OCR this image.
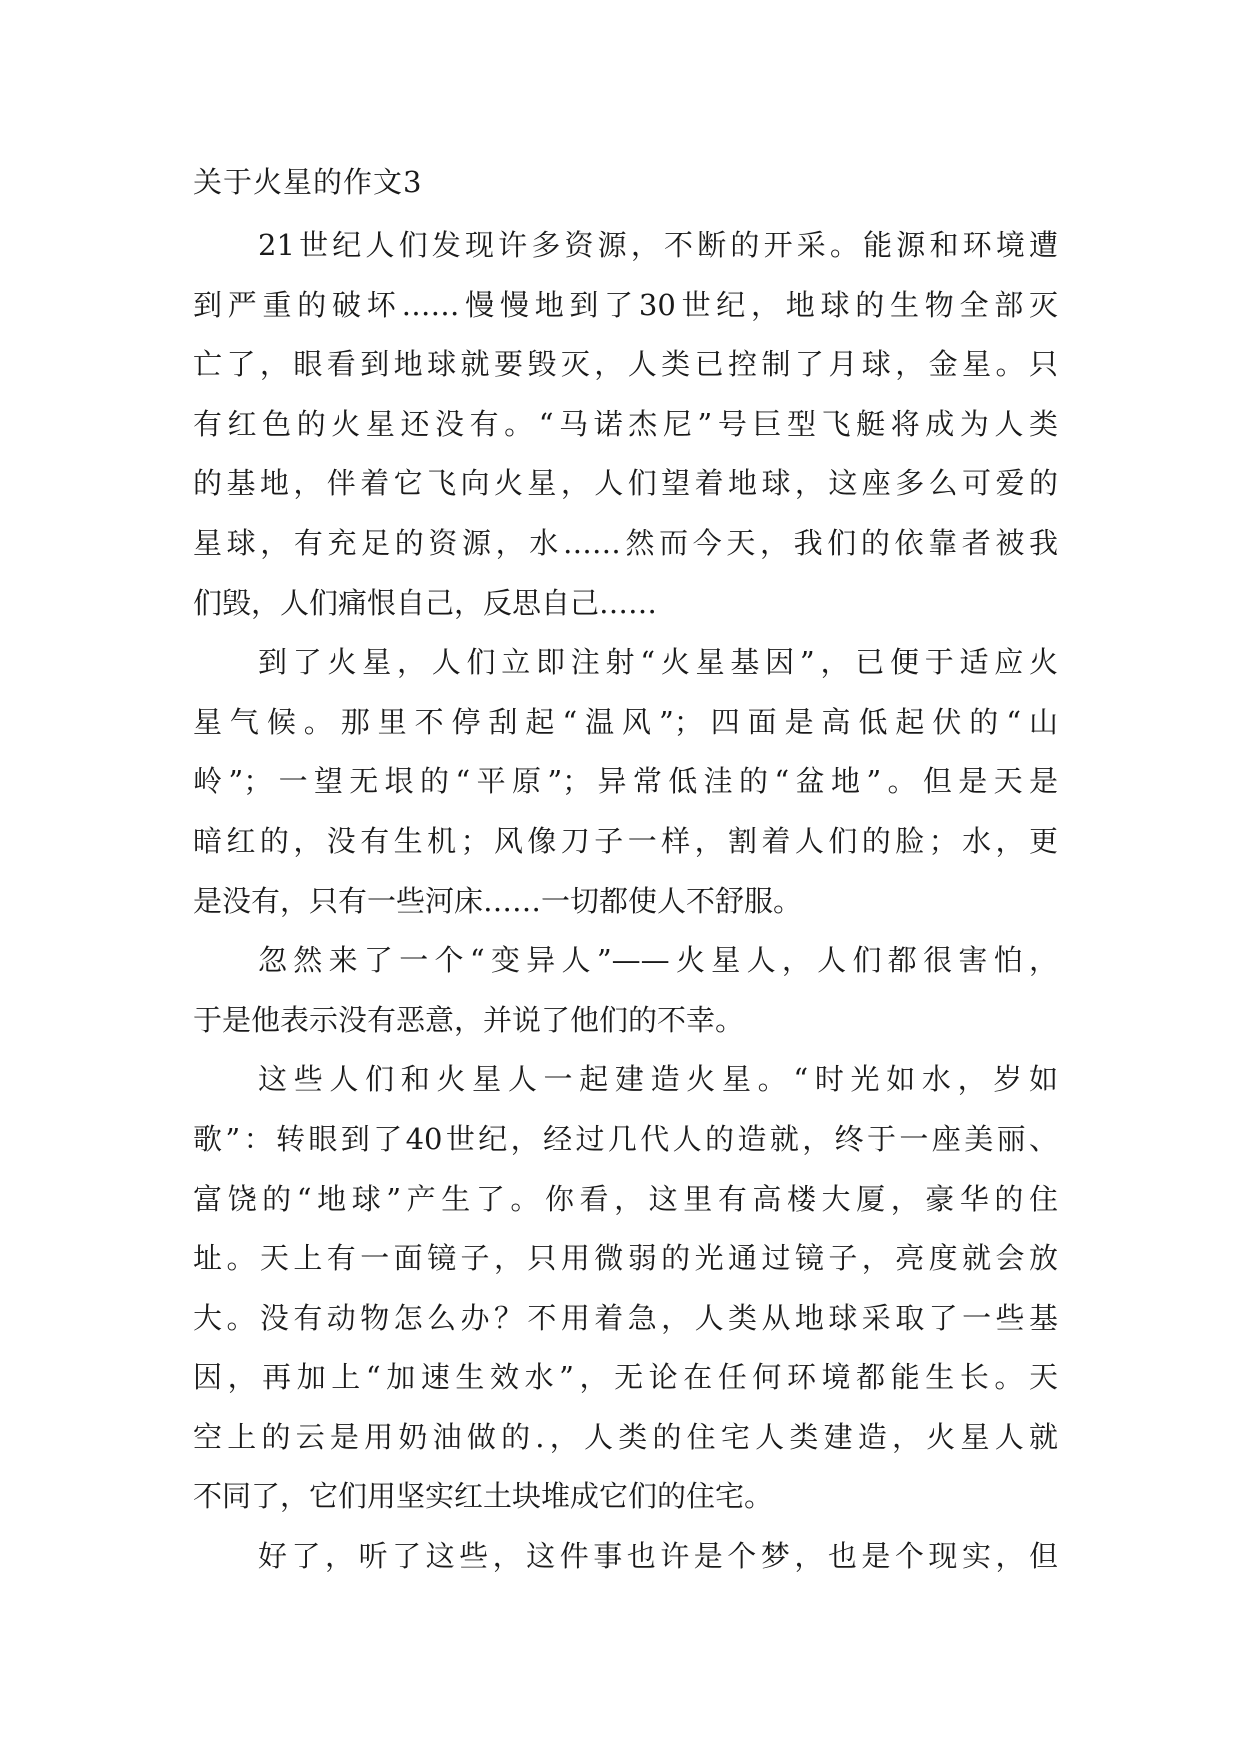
关于火星的作文3
21世纪人们发现许多资源，不断的开采。能源和环境遭
到严重的破坏……慢慢地到了30世纪，地球的生物全部灭
亡了，眼看到地球就要毁灭，人类已控制了月球，金星。只
有红色的火星还没有。“马诺杰尼”号巨型飞艇将成为人类
的基地，伴着它飞向火星，人们望着地球，这座多么可爱的
星球，有充足的资源，水……然而今天，我们的依靠者被我
们毁，人们痛恨自己，反思自己……
到了火星，人们立即注射“火星基因”，已便于适应火
星气候。那里不停刮起“温风”；四面是高低起伏的“山
岭”；一望无垠的“平原”；异常低洼的“盆地”。但是天是
暗红的，没有生机；风像刀子一样，割着人们的脸；水，更
是没有，只有一些河床……一切都使人不舒服。
忽然来了一个“变异人”——火星人，人们都很害怕，
于是他表示没有恶意，并说了他们的不幸。
这些人们和火星人一起建造火星。“时光如水，岁如
歌”：转眼到了40世纪，经过几代人的造就，终于一座美丽、
富饶的“地球”产生了。你看，这里有高楼大厦，豪华的住
址。天上有一面镜子，只用微弱的光通过镜子，亮度就会放
大。没有动物怎么办？不用着急，人类从地球采取了一些基
因，再加上“加速生效水”，无论在任何环境都能生长。天
空上的云是用奶油做的.，人类的住宅人类建造，火星人就
不同了，它们用坚实红土块堆成它们的住宅。
好了，听了这些，这件事也许是个梦，也是个现实，但
